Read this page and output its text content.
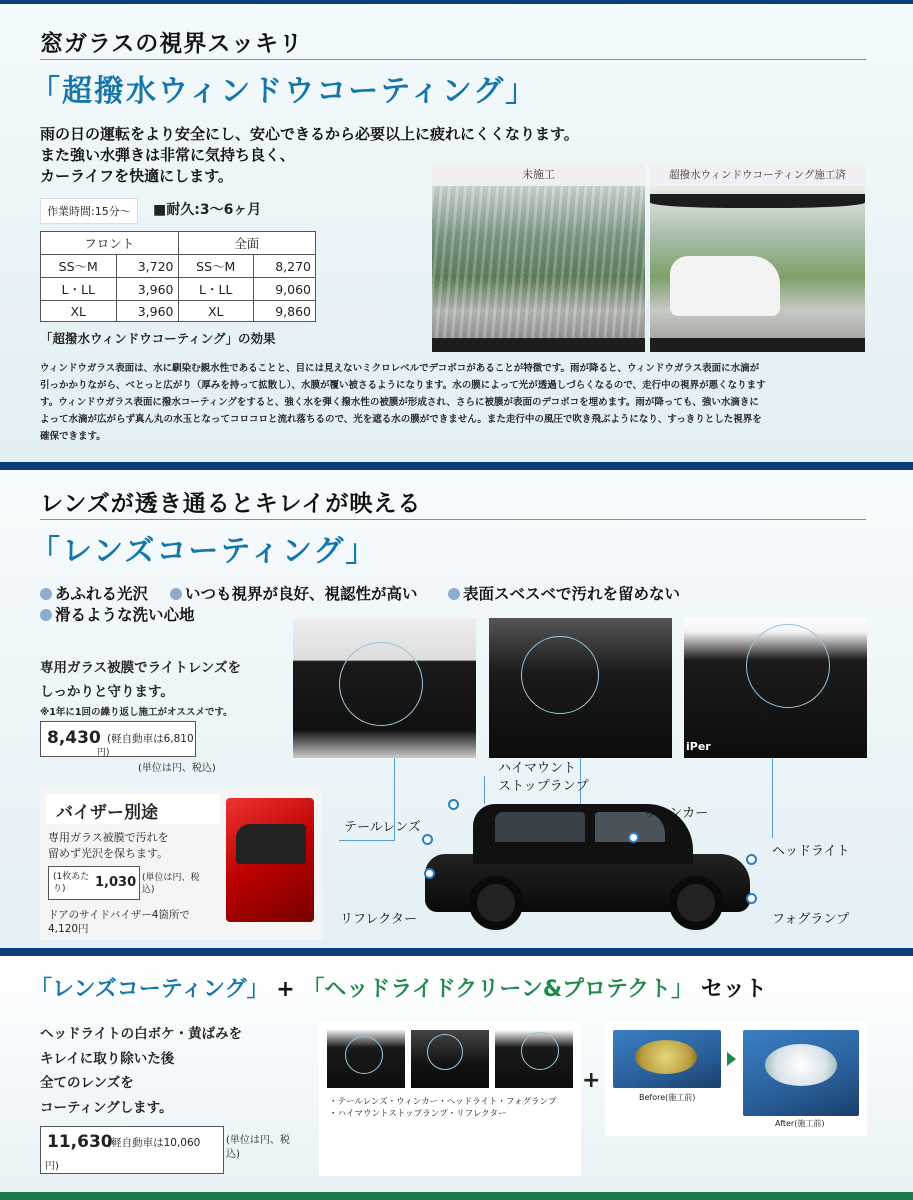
窓ガラスの視界スッキリ
「超撥水ウィンドウコーティング」
雨の日の運転をより安全にし、安心できるから必要以上に疲れにくくなります。
また強い水弾きは非常に気持ち良く、
カーライフを快適にします。
作業時間:15分〜	■耐久:3〜6ヶ月
フロント		全面	
SS〜M	3,720	SS〜M	8,270
L・LL	3,960	L・LL	9,060
XL	3,960	XL	9,860
未施工	超撥水ウィンドウコーティング施工済
「超撥水ウィンドウコーティング」の効果
ウィンドウガラス表面は、水に馴染む親水性であることと、目には見えないミクロレベルでデコボコがあることが特徴です。雨が降ると、ウィンドウガラス表面に水滴が
引っかかりながら、べとっと広がり（厚みを持って拡散し）、水膜が覆い被さるようになります。水の膜によって光が透過しづらくなるので、走行中の視界が悪くなります
す。ウィンドウガラス表面に撥水コーティングをすると、強く水を弾く撥水性の被膜が形成され、さらに被膜が表面のデコボコを埋めます。雨が降っても、強い水滴きに
よって水滴が広がらず真ん丸の水玉となってコロコロと流れ落ちるので、光を遮る水の膜ができません。また走行中の風圧で吹き飛ぶようになり、すっきりとした視界を
確保できます。
レンズが透き通るとキレイが映える
「レンズコーティング」
あふれる光沢	いつも視界が良好、視認性が高い	表面スベスベで汚れを留めない
滑るような洗い心地
専用ガラス被膜でライトレンズを
しっかりと守ります。
※1年に1回の繰り返し施工がオススメです。
8,430 (軽自動車は6,810
円)
(単位は円、税込)
バイザー別途
専用ガラス被膜で汚れを
留めず光沢を保ちます。
(1枚あた
り)	1,030 (単位は円、税
込)
ドアのサイドバイザー4箇所で
4,120円
iPer
ハイマウント
ストップランプ
テールレンズ
ウィンカー
ヘッドライト
リフレクター	フォグランプ
「レンズコーティング」 + 「ヘッドライドクリーン&プロテクト」 セット
ヘッドライトの白ボケ・黄ばみを
キレイに取り除いた後
全てのレンズを
コーティングします。
11,630
(軽自動車は10,060
円)
(単位は円、税
込)
・テールレンズ・ウィンカー・ヘッドライト・フォグランプ
・ハイマウントストップランプ・リフレクター
+
Before(施工前)
After(施工前)
